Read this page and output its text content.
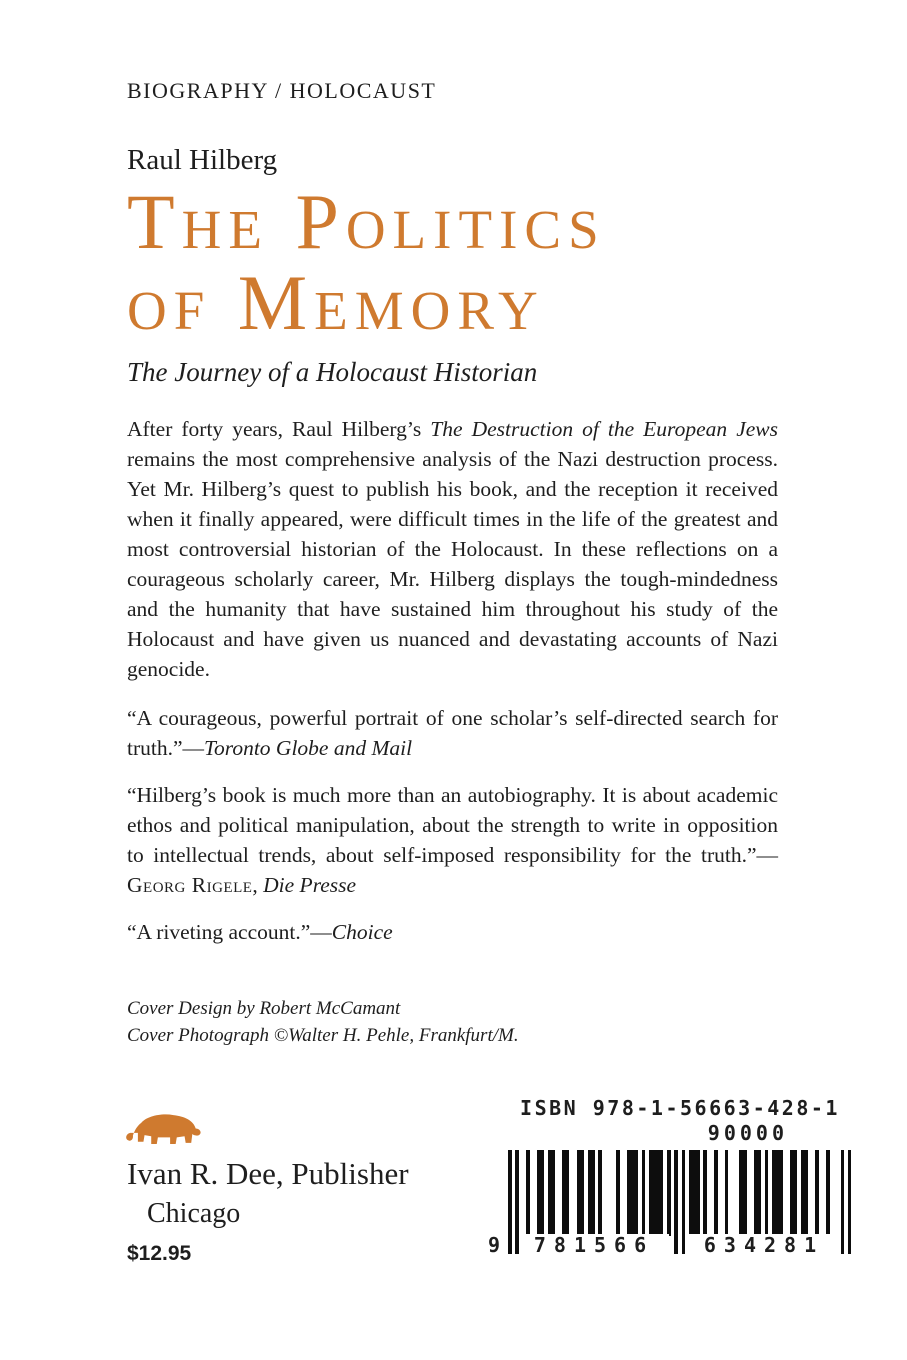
BIOGRAPHY / HOLOCAUST
Raul Hilberg
The Politics
of Memory
The Journey of a Holocaust Historian

After forty years, Raul Hilberg’s The Destruction of the European Jews remains the most comprehensive analysis of the Nazi destruction process. Yet Mr. Hilberg’s quest to publish his book, and the reception it received when it finally appeared, were difficult times in the life of the greatest and most controversial historian of the Holocaust. In these reflections on a courageous scholarly career, Mr. Hilberg displays the tough-mindedness and the humanity that have sustained him throughout his study of the Holocaust and have given us nuanced and devastating accounts of Nazi genocide.

“A courageous, powerful portrait of one scholar’s self-directed search for truth.”—Toronto Globe and Mail

“Hilberg’s book is much more than an autobiography. It is about academic ethos and political manipulation, about the strength to write in opposition to intellectual trends, about self-imposed responsibility for the truth.”—Georg Rigele, Die Presse

“A riveting account.”—Choice

Cover Design by Robert McCamant
Cover Photograph ©Walter H. Pehle, Frankfurt/M.
Ivan R. Dee, Publisher
Chicago
$12.95
ISBN 978-1-56663-428-1
90000
9	781566	634281
